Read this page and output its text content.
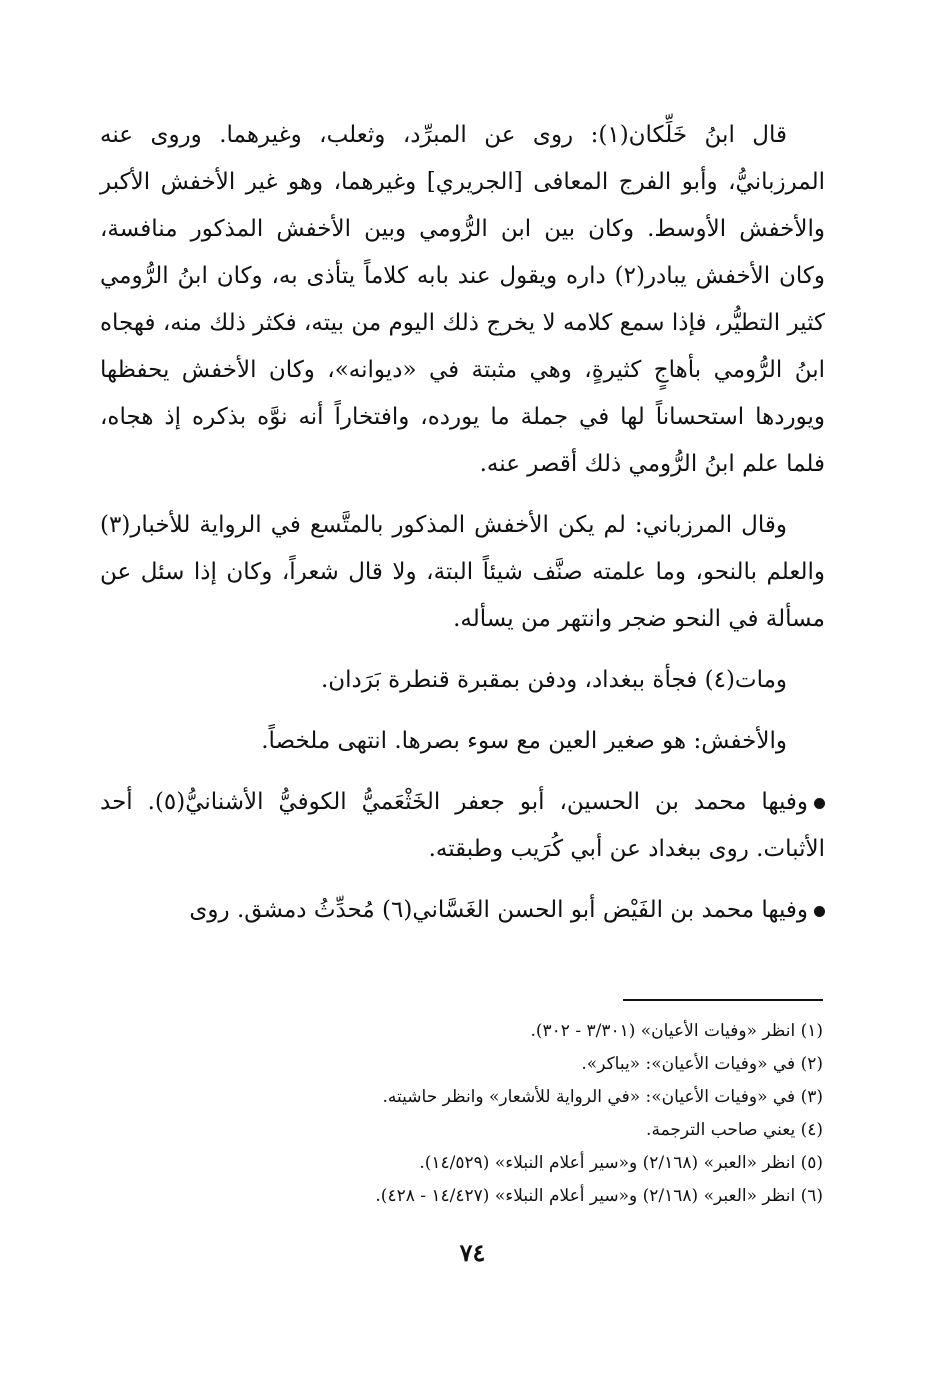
قال ابنُ خَلِّكان(١): روى عن المبرِّد، وثعلب، وغيرهما. وروى عنه المرزبانيُّ، وأبو الفرج المعافى [الجريري] وغيرهما، وهو غير الأخفش الأكبر والأخفش الأوسط. وكان بين ابن الرُّومي وبين الأخفش المذكور منافسة، وكان الأخفش يبادر(٢) داره ويقول عند بابه كلاماً يتأذى به، وكان ابنُ الرُّومي كثير التطيُّر، فإذا سمع كلامه لا يخرج ذلك اليوم من بيته، فكثر ذلك منه، فهجاه ابنُ الرُّومي بأهاجٍ كثيرةٍ، وهي مثبتة في «ديوانه»، وكان الأخفش يحفظها ويوردها استحساناً لها في جملة ما يورده، وافتخاراً أنه نوَّه بذكره إذ هجاه، فلما علم ابنُ الرُّومي ذلك أقصر عنه.

وقال المرزباني: لم يكن الأخفش المذكور بالمتَّسع في الرواية للأخبار(٣) والعلم بالنحو، وما علمته صنَّف شيئاً البتة، ولا قال شعراً، وكان إذا سئل عن مسألة في النحو ضجر وانتهر من يسأله.

ومات(٤) فجأة ببغداد، ودفن بمقبرة قنطرة بَرَدان.

والأخفش: هو صغير العين مع سوء بصرها. انتهى ملخصاً.

وفيها محمد بن الحسين، أبو جعفر الخَثْعَميُّ الكوفيُّ الأشنانيُّ(٥). أحد الأثبات. روى ببغداد عن أبي كُرَيب وطبقته.

وفيها محمد بن الفَيْض أبو الحسن الغَسَّاني(٦) مُحدِّثُ دمشق. روى

(١) انظر «وفيات الأعيان» (٣/٣٠١ - ٣٠٢).
(٢) في «وفيات الأعيان»: «يباكر».
(٣) في «وفيات الأعيان»: «في الرواية للأشعار» وانظر حاشيته.
(٤) يعني صاحب الترجمة.
(٥) انظر «العبر» (٢/١٦٨) و«سير أعلام النبلاء» (١٤/٥٢٩).
(٦) انظر «العبر» (٢/١٦٨) و«سير أعلام النبلاء» (١٤/٤٢٧ - ٤٢٨).
٧٤
